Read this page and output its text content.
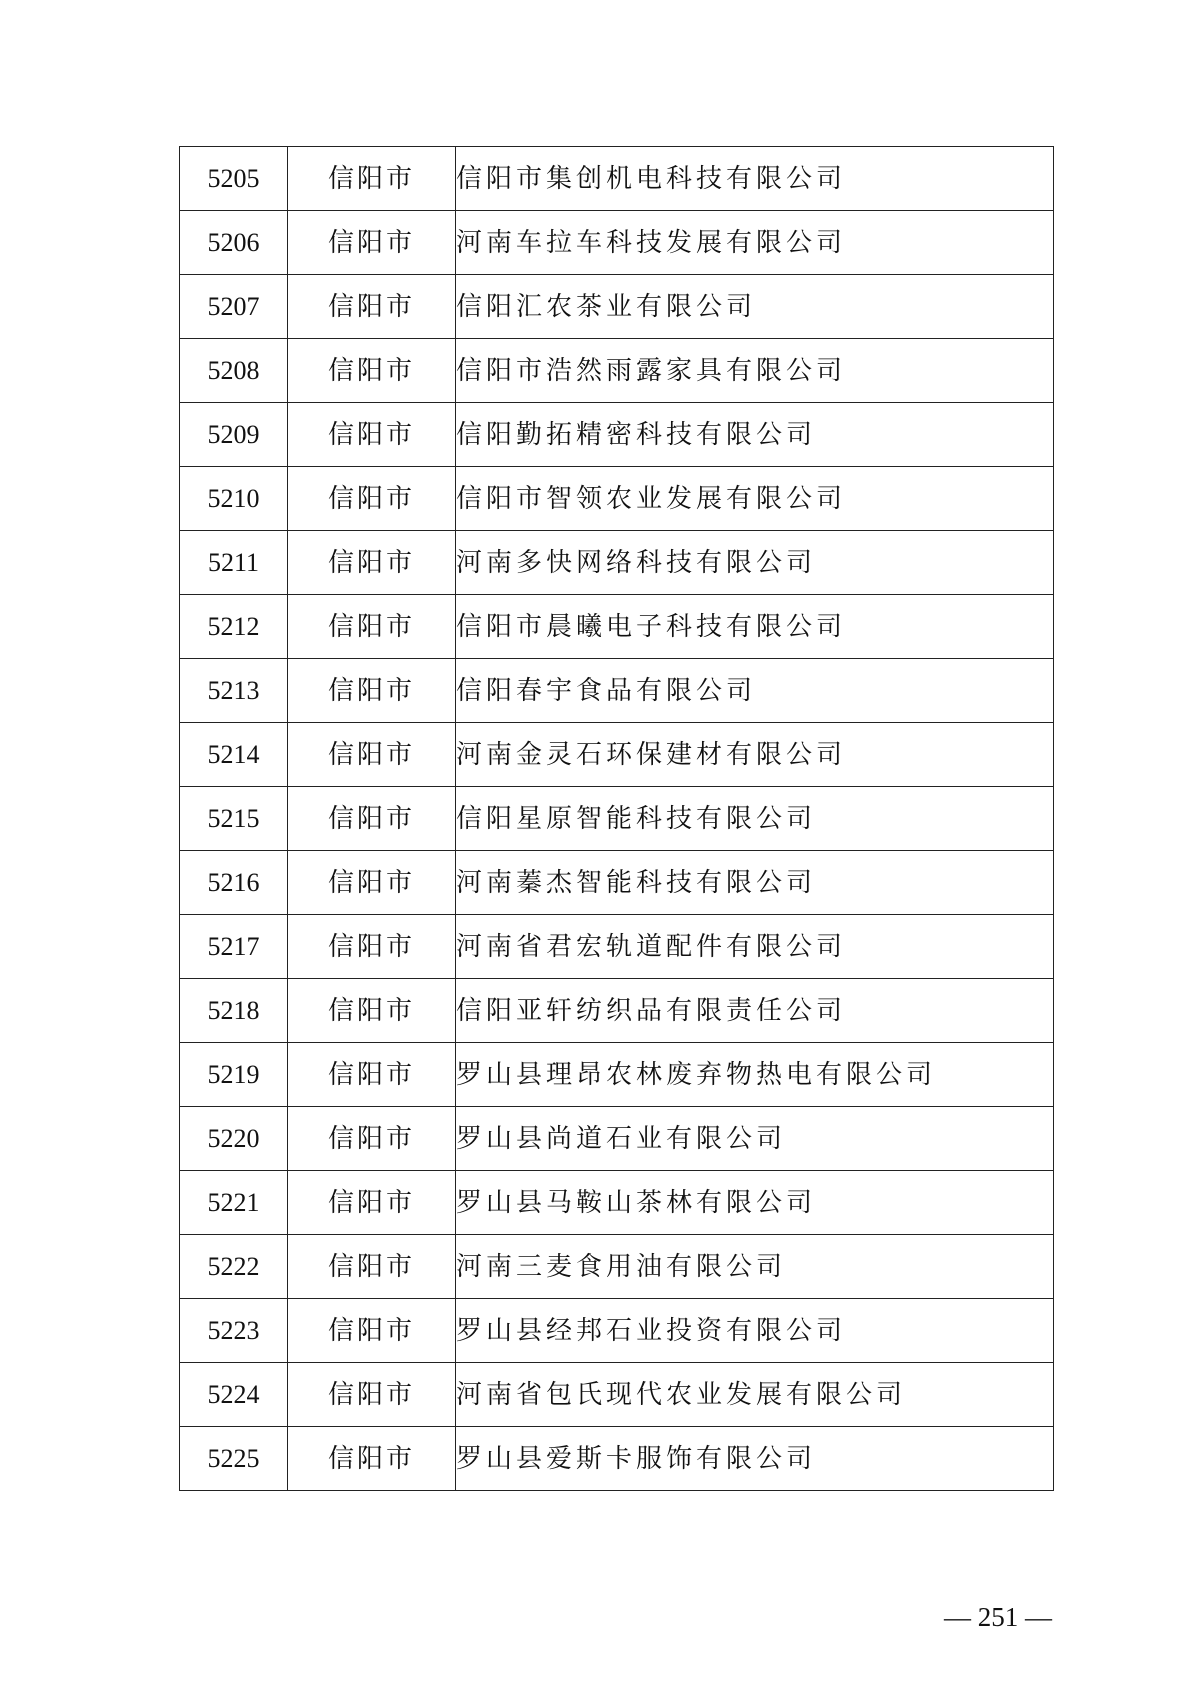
5205	信阳市	信阳市集创机电科技有限公司
5206	信阳市	河南车拉车科技发展有限公司
5207	信阳市	信阳汇农茶业有限公司
5208	信阳市	信阳市浩然雨露家具有限公司
5209	信阳市	信阳勤拓精密科技有限公司
5210	信阳市	信阳市智领农业发展有限公司
5211	信阳市	河南多快网络科技有限公司
5212	信阳市	信阳市晨曦电子科技有限公司
5213	信阳市	信阳春宇食品有限公司
5214	信阳市	河南金灵石环保建材有限公司
5215	信阳市	信阳星原智能科技有限公司
5216	信阳市	河南蓁杰智能科技有限公司
5217	信阳市	河南省君宏轨道配件有限公司
5218	信阳市	信阳亚轩纺织品有限责任公司
5219	信阳市	罗山县理昂农林废弃物热电有限公司
5220	信阳市	罗山县尚道石业有限公司
5221	信阳市	罗山县马鞍山茶林有限公司
5222	信阳市	河南三麦食用油有限公司
5223	信阳市	罗山县经邦石业投资有限公司
5224	信阳市	河南省包氏现代农业发展有限公司
5225	信阳市	罗山县爱斯卡服饰有限公司
— 251 —
